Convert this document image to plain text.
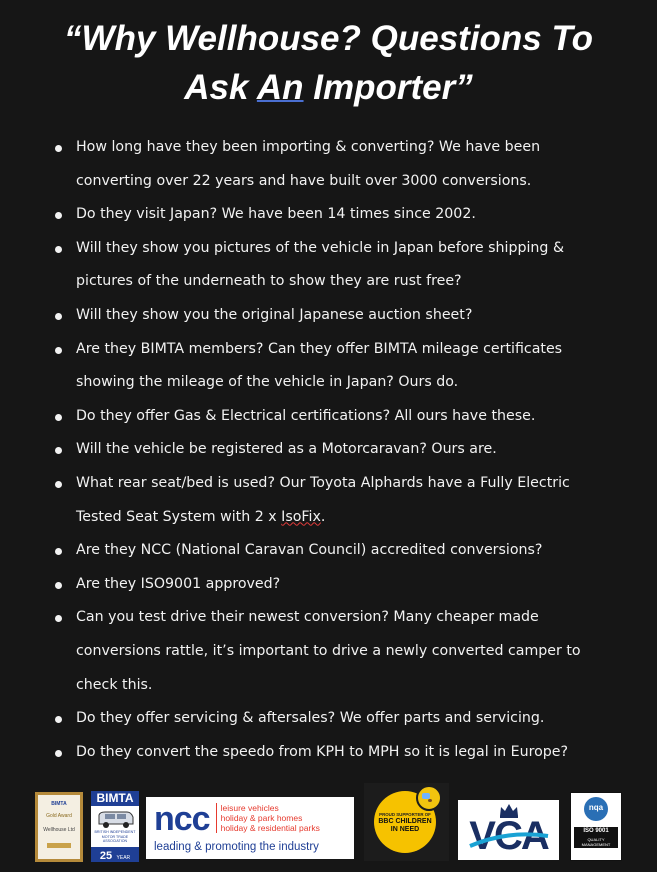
“Why Wellhouse? Questions To
Ask An Importer”
How long have they been importing & converting? We have been converting over 22 years and have built over 3000 conversions.
Do they visit Japan? We have been 14 times since 2002.
Will they show you pictures of the vehicle in Japan before shipping & pictures of the underneath to show they are rust free?
Will they show you the original Japanese auction sheet?
Are they BIMTA members? Can they offer BIMTA mileage certificates showing the mileage of the vehicle in Japan? Ours do.
Do they offer Gas & Electrical certifications? All ours have these.
Will the vehicle be registered as a Motorcaravan? Ours are.
What rear seat/bed is used? Our Toyota Alphards have a Fully Electric Tested Seat System with 2 x IsoFix.
Are they NCC (National Caravan Council) accredited conversions?
Are they ISO9001 approved?
Can you test drive their newest conversion? Many cheaper made conversions rattle, it’s important to drive a newly converted camper to check this.
Do they offer servicing & aftersales? We offer parts and servicing.
Do they convert the speedo from KPH to MPH so it is legal in Europe?
BIMTA
Gold Award
Wellhouse Ltd
BIMTA
BRITISH INDEPENDENT MOTOR TRADE ASSOCIATION
25 YEAR
ncc leisure vehicles
holiday & park homes
holiday & residential parks
leading & promoting the industry
PROUD SUPPORTER OF
BBC CHILDREN
IN NEED	VCA
nqa
ISO 9001
QUALITY
MANAGEMENT
